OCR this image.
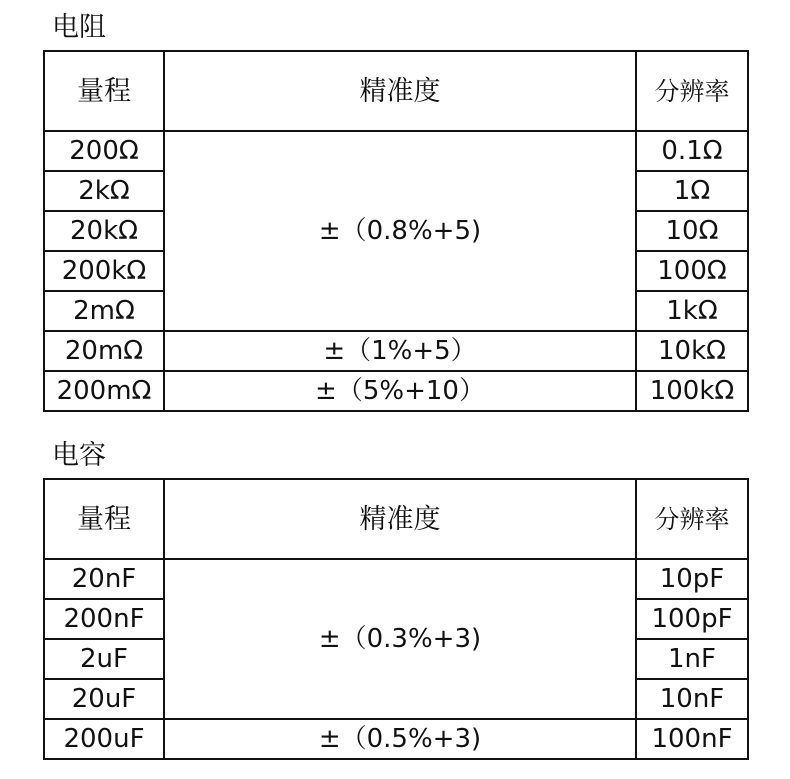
电阻
量程	精准度	分辨率
200Ω	±（0.8%+5)	0.1Ω
2kΩ		1Ω
20kΩ		10Ω
200kΩ		100Ω
2mΩ		1kΩ
20mΩ	±（1%+5）	10kΩ
200mΩ	±（5%+10）	100kΩ
电容
量程	精准度	分辨率
20nF	±（0.3%+3)	10pF
200nF		100pF
2uF		1nF
20uF		10nF
200uF	±（0.5%+3)	100nF
